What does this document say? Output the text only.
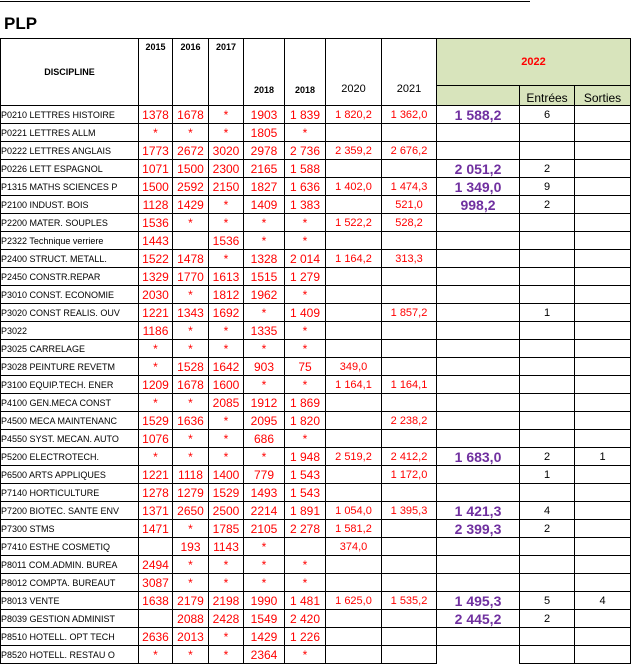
PLP
DISCIPLINE	2015	2016	2017	2018	2018	2020	2021	2022		
									Entrées	Sorties
P0210 LETTRES HISTOIRE	1378	1678	*	1903	1 839	1 820,2	1 362,0	1 588,2	6	
P0221 LETTRES ALLM	*	*	*	1805	*					
P0222 LETTRES ANGLAIS	1773	2672	3020	2978	2 736	2 359,2	2 676,2			
P0226 LETT ESPAGNOL	1071	1500	2300	2165	1 588			2 051,2	2	
P1315 MATHS SCIENCES P	1500	2592	2150	1827	1 636	1 402,0	1 474,3	1 349,0	9	
P2100 INDUST. BOIS	1128	1429	*	1409	1 383		521,0	998,2	2	
P2200 MATER. SOUPLES	1536	*	*	*	*	1 522,2	528,2			
P2322 Technique verriere	1443		1536	*	*					
P2400 STRUCT. METALL.	1522	1478	*	1328	2 014	1 164,2	313,3			
P2450 CONSTR.REPAR	1329	1770	1613	1515	1 279					
P3010 CONST. ECONOMIE	2030	*	1812	1962	*					
P3020 CONST REALIS. OUV	1221	1343	1692	*	1 409		1 857,2		1	
P3022	1186	*	*	1335	*					
P3025 CARRELAGE	*	*	*	*	*					
P3028 PEINTURE REVETM	*	1528	1642	903	75	349,0				
P3100 EQUIP.TECH. ENER	1209	1678	1600	*	*	1 164,1	1 164,1			
P4100 GEN.MECA CONST	*	*	2085	1912	1 869					
P4500 MECA MAINTENANC	1529	1636	*	2095	1 820		2 238,2			
P4550 SYST. MECAN. AUTO	1076	*	*	686	*					
P5200 ELECTROTECH.	*	*	*	*	1 948	2 519,2	2 412,2	1 683,0	2	1
P6500 ARTS APPLIQUES	1221	1118	1400	779	1 543		1 172,0		1	
P7140 HORTICULTURE	1278	1279	1529	1493	1 543					
P7200 BIOTEC. SANTE ENV	1371	2650	2500	2214	1 891	1 054,0	1 395,3	1 421,3	4	
P7300 STMS	1471	*	1785	2105	2 278	1 581,2		2 399,3	2	
P7410 ESTHE COSMETIQ		193	1143	*		374,0				
P8011 COM.ADMIN. BUREA	2494	*	*	*	*					
P8012 COMPTA. BUREAUT	3087	*	*	*	*					
P8013 VENTE	1638	2179	2198	1990	1 481	1 625,0	1 535,2	1 495,3	5	4
P8039 GESTION ADMINIST		2088	2428	1549	2 420			2 445,2	2	
P8510 HOTELL. OPT TECH	2636	2013	*	1429	1 226					
P8520 HOTELL. RESTAU O	*	*	*	2364	*					
